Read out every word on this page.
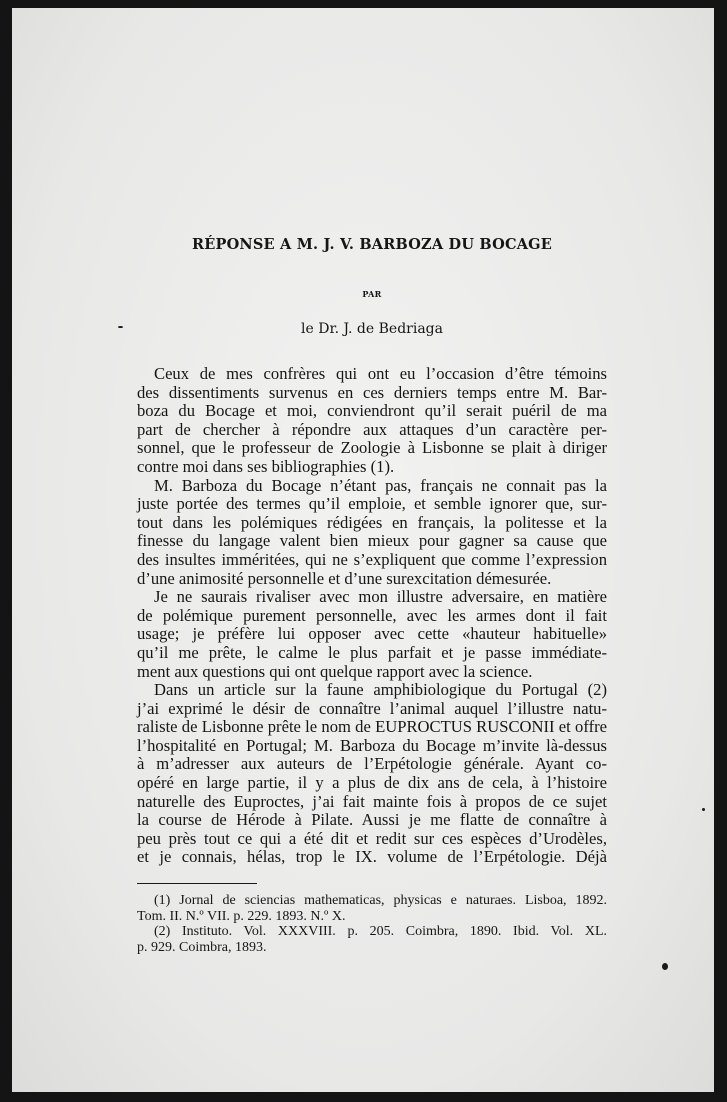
RÉPONSE A M. J. V. BARBOZA DU BOCAGE
PAR
le Dr. J. de Bedriaga

Ceux de mes confrères qui ont eu l’occasion d’être témoins
des dissentiments survenus en ces derniers temps entre M. Bar-
boza du Bocage et moi, conviendront qu’il serait puéril de ma
part de chercher à répondre aux attaques d’un caractère per-
sonnel, que le professeur de Zoologie à Lisbonne se plait à diriger
contre moi dans ses bibliographies (1).

M. Barboza du Bocage n’étant pas, français ne connait pas la
juste portée des termes qu’il emploie, et semble ignorer que, sur-
tout dans les polémiques rédigées en français, la politesse et la
finesse du langage valent bien mieux pour gagner sa cause que
des insultes imméritées, qui ne s’expliquent que comme l’expression
d’une animosité personnelle et d’une surexcitation démesurée.

Je ne saurais rivaliser avec mon illustre adversaire, en matière
de polémique purement personnelle, avec les armes dont il fait
usage; je préfère lui opposer avec cette «hauteur habituelle»
qu’il me prête, le calme le plus parfait et je passe immédiate-
ment aux questions qui ont quelque rapport avec la science.

Dans un article sur la faune amphibiologique du Portugal (2)
j’ai exprimé le désir de connaître l’animal auquel l’illustre natu-
raliste de Lisbonne prête le nom de EUPROCTUS RUSCONII et offre
l’hospitalité en Portugal; M. Barboza du Bocage m’invite là-dessus
à m’adresser aux auteurs de l’Erpétologie générale. Ayant co-
opéré en large partie, il y a plus de dix ans de cela, à l’histoire
naturelle des Euproctes, j’ai fait mainte fois à propos de ce sujet
la course de Hérode à Pilate. Aussi je me flatte de connaître à
peu près tout ce qui a été dit et redit sur ces espèces d’Urodèles,
et je connais, hélas, trop le IX. volume de l’Erpétologie. Déjà

(1) Jornal de sciencias mathematicas, physicas e naturaes. Lisboa, 1892.
Tom. II. N.º VII. p. 229. 1893. N.º X.
(2) Instituto. Vol. XXXVIII. p. 205. Coimbra, 1890. Ibid. Vol. XL.
p. 929. Coimbra, 1893.
